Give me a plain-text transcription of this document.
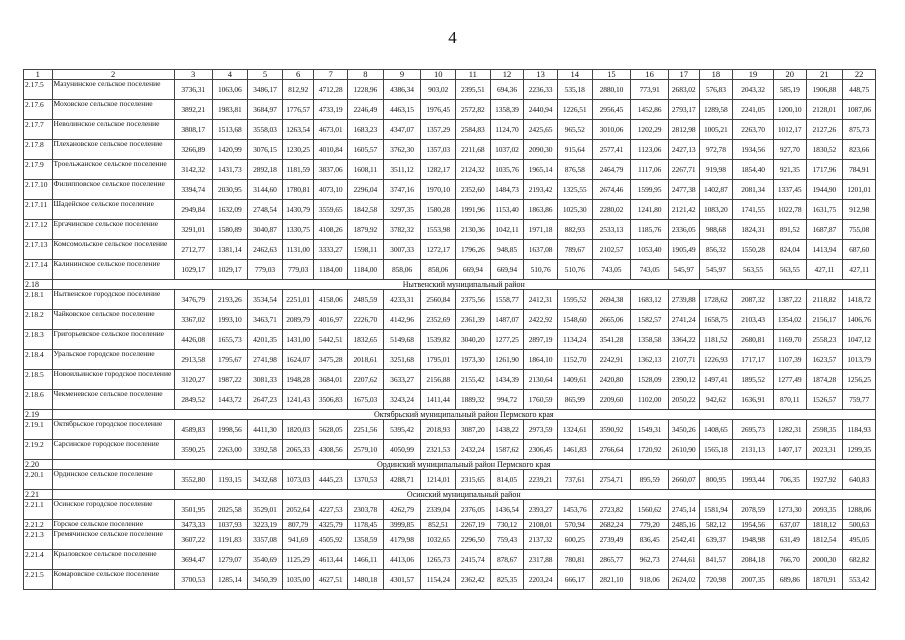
4
1	2	3	4	5	6	7	8	9	10	11	12	13	14	15	16	17	18	19	20	21	22
2.17.5	Мазунинское сельское поселение	3736,31	1063,06	3486,17	812,92	4712,28	1228,96	4386,34	903,02	2395,51	694,36	2236,33	535,18	2880,10	773,91	2683,02	576,83	2043,32	585,19	1906,88	448,75
2.17.6	Моховское сельское поселение	3892,21	1983,81	3684,97	1776,57	4733,19	2246,49	4463,15	1976,45	2572,82	1358,39	2440,94	1226,51	2956,45	1452,86	2793,17	1289,58	2241,05	1200,10	2128,01	1087,06
2.17.7	Неволинское сельское поселение	3808,17	1513,68	3558,03	1263,54	4673,01	1683,23	4347,07	1357,29	2584,83	1124,70	2425,65	965,52	3010,06	1202,29	2812,98	1005,21	2263,70	1012,17	2127,26	875,73
2.17.8	Плехановское сельское поселение	3266,89	1420,99	3076,15	1230,25	4010,84	1605,57	3762,30	1357,03	2211,68	1037,02	2090,30	915,64	2577,41	1123,06	2427,13	972,78	1934,56	927,70	1830,52	823,66
2.17.9	Троельжанское сельское поселение	3142,32	1431,73	2892,18	1181,59	3837,06	1608,11	3511,12	1282,17	2124,32	1035,76	1965,14	876,58	2464,79	1117,06	2267,71	919,98	1854,40	921,35	1717,96	784,91
2.17.10	Филипповское сельское поселение	3394,74	2030,95	3144,60	1780,81	4073,10	2296,04	3747,16	1970,10	2352,60	1484,73	2193,42	1325,55	2674,46	1599,95	2477,38	1402,87	2081,34	1337,45	1944,90	1201,01
2.17.11	Шадейское сельское поселение	2949,84	1632,09	2748,54	1430,79	3559,65	1842,58	3297,35	1580,28	1991,96	1153,40	1863,86	1025,30	2280,02	1241,80	2121,42	1083,20	1741,55	1022,78	1631,75	912,98
2.17.12	Ергачинское сельское поселение	3291,01	1580,89	3040,87	1330,75	4108,26	1879,92	3782,32	1553,98	2130,36	1042,11	1971,18	882,93	2533,13	1185,76	2336,05	988,68	1824,31	891,52	1687,87	755,08
2.17.13	Комсомольское сельское поселение	2712,77	1381,14	2462,63	1131,00	3333,27	1598,11	3007,33	1272,17	1796,26	948,85	1637,08	789,67	2102,57	1053,40	1905,49	856,32	1550,28	824,04	1413,94	687,60
2.17.14	Калининское сельское поселение	1029,17	1029,17	779,03	779,03	1184,00	1184,00	858,06	858,06	669,94	669,94	510,76	510,76	743,05	743,05	545,97	545,97	563,55	563,55	427,11	427,11
2.18	Нытвенский муниципальный район																				
2.18.1	Нытвенское городское поселение	3476,79	2193,26	3534,54	2251,01	4158,06	2485,59	4233,31	2560,84	2375,56	1558,77	2412,31	1595,52	2694,38	1683,12	2739,88	1728,62	2087,32	1387,22	2118,82	1418,72
2.18.2	Чайковское сельское поселение	3367,02	1993,10	3463,71	2089,79	4016,97	2226,70	4142,96	2352,69	2361,39	1487,07	2422,92	1548,60	2665,06	1582,57	2741,24	1658,75	2103,43	1354,02	2156,17	1406,76
2.18.3	Григорьевское сельское поселение	4426,08	1655,73	4201,35	1431,00	5442,51	1832,65	5149,68	1539,82	3040,20	1277,25	2897,19	1134,24	3541,28	1358,58	3364,22	1181,52	2680,81	1169,70	2558,23	1047,12
2.18.4	Уральское городское поселение	2913,58	1795,67	2741,98	1624,07	3475,28	2018,61	3251,68	1795,01	1973,30	1261,90	1864,10	1152,70	2242,91	1362,13	2107,71	1226,93	1717,17	1107,39	1623,57	1013,79
2.18.5	Новоильинское городское поселение	3120,27	1987,22	3081,33	1948,28	3684,01	2207,62	3633,27	2156,88	2155,42	1434,39	2130,64	1409,61	2420,80	1528,09	2390,12	1497,41	1895,52	1277,49	1874,28	1256,25
2.18.6	Чекменевское сельское поселение	2849,52	1443,72	2647,23	1241,43	3506,83	1675,03	3243,24	1411,44	1889,32	994,72	1760,59	865,99	2209,60	1102,00	2050,22	942,62	1636,91	870,11	1526,57	759,77
2.19	Октябрьский муниципальный район Пермского края																				
2.19.1	Октябрьское городское поселение	4589,83	1998,56	4411,30	1820,03	5628,05	2251,56	5395,42	2018,93	3087,20	1438,22	2973,59	1324,61	3590,92	1549,31	3450,26	1408,65	2695,73	1282,31	2598,35	1184,93
2.19.2	Сарсинское городское поселение	3590,25	2263,00	3392,58	2065,33	4308,56	2579,10	4050,99	2321,53	2432,24	1587,62	2306,45	1461,83	2766,64	1720,92	2610,90	1565,18	2131,13	1407,17	2023,31	1299,35
2.20	Ординский муниципальный район Пермского края																				
2.20.1	Ординское сельское поселение	3552,80	1193,15	3432,68	1073,03	4445,23	1370,53	4288,71	1214,01	2315,65	814,05	2239,21	737,61	2754,71	895,59	2660,07	800,95	1993,44	706,35	1927,92	640,83
2.21	Осинский муниципальный район																				
2.21.1	Осинское городское поселение	3501,95	2025,58	3529,01	2052,64	4227,53	2303,78	4262,79	2339,04	2376,05	1436,54	2393,27	1453,76	2723,82	1560,62	2745,14	1581,94	2078,59	1273,30	2093,35	1288,06
2.21.2	Горское сельское поселение	3473,33	1037,93	3223,19	807,79	4325,79	1178,45	3999,85	852,51	2267,19	730,12	2108,01	570,94	2682,24	779,20	2485,16	582,12	1954,56	637,07	1818,12	500,63
2.21.3	Гремячинское сельское поселение	3607,22	1191,83	3357,08	941,69	4505,92	1358,59	4179,98	1032,65	2296,50	759,43	2137,32	600,25	2739,49	836,45	2542,41	639,37	1948,98	631,49	1812,54	495,05
2.21.4	Крыловское сельское поселение	3694,47	1279,07	3540,69	1125,29	4613,44	1466,11	4413,06	1265,73	2415,74	878,67	2317,88	780,81	2865,77	962,73	2744,61	841,57	2084,18	766,70	2000,30	682,82
2.21.5	Комаровское сельское поселение	3700,53	1285,14	3450,39	1035,00	4627,51	1480,18	4301,57	1154,24	2362,42	825,35	2203,24	666,17	2821,10	918,06	2624,02	720,98	2007,35	689,86	1870,91	553,42
